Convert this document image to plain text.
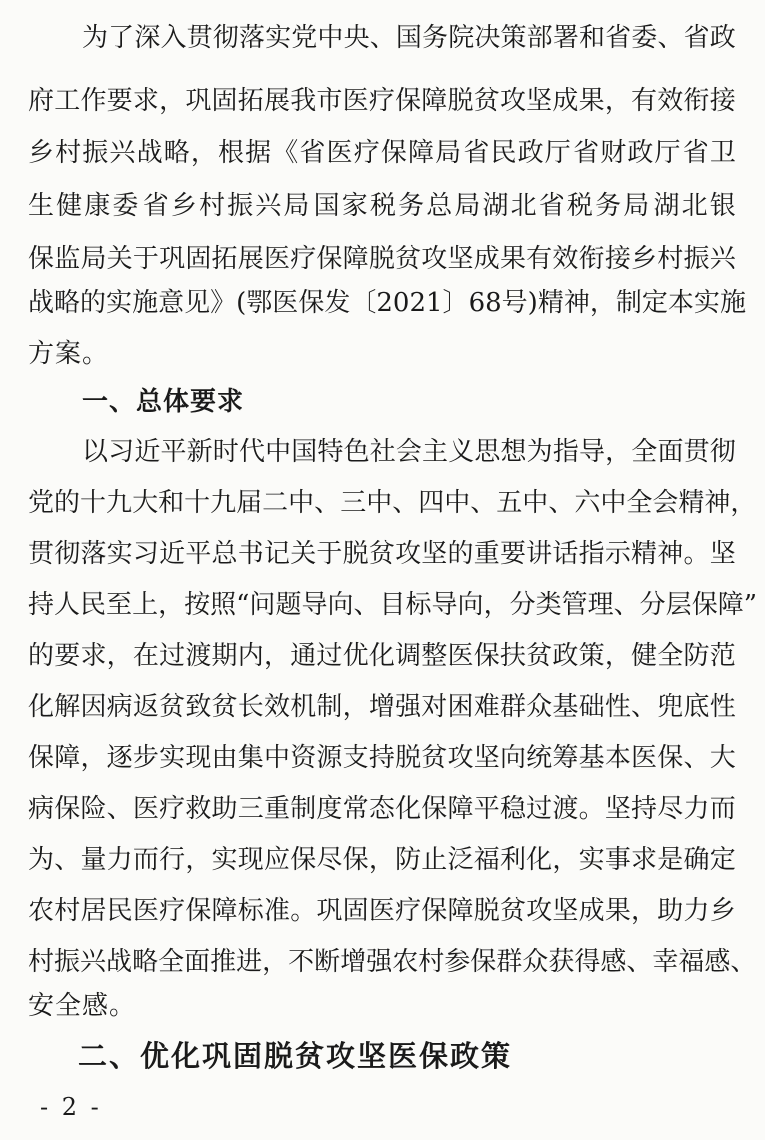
为 了 深 入 贯 彻 落 实 党 中 央 、 国 务 院 决 策 部 署 和 省 委 、 省 政
府 工 作 要 求 ， 巩 固 拓 展 我 市 医 疗 保 障 脱 贫 攻 坚 成 果 ， 有 效 衔 接
乡 村 振 兴 战 略 ， 根 据 《 省 医 疗 保 障 局 省 民 政 厅 省 财 政 厅 省 卫
生 健 康 委 省 乡 村 振 兴 局 国 家 税 务 总 局 湖 北 省 税 务 局 湖 北 银
保 监 局 关 于 巩 固 拓 展 医 疗 保 障 脱 贫 攻 坚 成 果 有 效 衔 接 乡 村 振 兴
战 略 的 实 施 意 见 》 ( 鄂 医 保 发 〔 2 0 2 1 〕 6 8 号 ) 精 神 ， 制 定 本 实 施
方案。
一、总体要求
以 习 近 平 新 时 代 中 国 特 色 社 会 主 义 思 想 为 指 导 ， 全 面 贯 彻
党 的 十 九 大 和 十 九 届 二 中 、 三 中 、 四 中 、 五 中 、 六 中 全 会 精 神 ，
贯 彻 落 实 习 近 平 总 书 记 关 于 脱 贫 攻 坚 的 重 要 讲 话 指 示 精 神 。 坚
持 人 民 至 上 ， 按 照 “ 问 题 导 向 、 目 标 导 向 ， 分 类 管 理 、 分 层 保 障 ”
的 要 求 ， 在 过 渡 期 内 ， 通 过 优 化 调 整 医 保 扶 贫 政 策 ， 健 全 防 范
化 解 因 病 返 贫 致 贫 长 效 机 制 ， 增 强 对 困 难 群 众 基 础 性 、 兜 底 性
保 障 ， 逐 步 实 现 由 集 中 资 源 支 持 脱 贫 攻 坚 向 统 筹 基 本 医 保 、 大
病 保 险 、 医 疗 救 助 三 重 制 度 常 态 化 保 障 平 稳 过 渡 。 坚 持 尽 力 而
为 、 量 力 而 行 ， 实 现 应 保 尽 保 ， 防 止 泛 福 利 化 ， 实 事 求 是 确 定
农 村 居 民 医 疗 保 障 标 准 。 巩 固 医 疗 保 障 脱 贫 攻 坚 成 果 ， 助 力 乡
村 振 兴 战 略 全 面 推 进 ， 不 断 增 强 农 村 参 保 群 众 获 得 感 、 幸 福 感 、
安全感。
二、优化巩固脱贫攻坚医保政策
- 2 -
